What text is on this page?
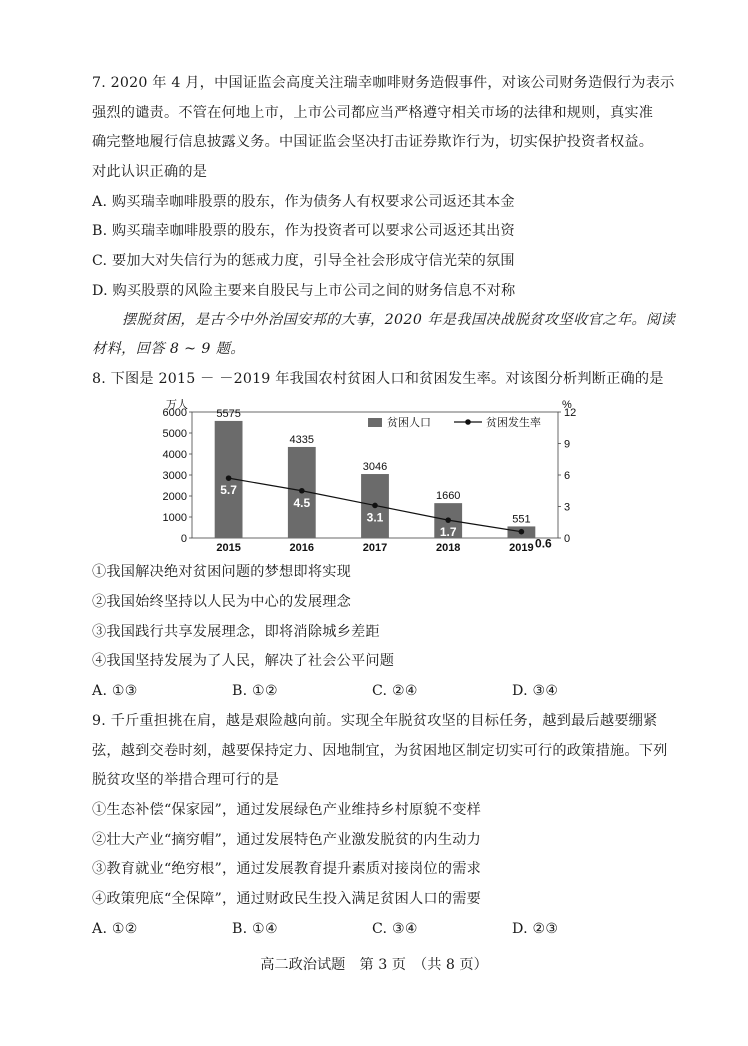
7. 2020 年 4 月，中国证监会高度关注瑞幸咖啡财务造假事件，对该公司财务造假行为表示
强烈的谴责。不管在何地上市，上市公司都应当严格遵守相关市场的法律和规则，真实准
确完整地履行信息披露义务。中国证监会坚决打击证券欺诈行为，切实保护投资者权益。
对此认识正确的是
A. 购买瑞幸咖啡股票的股东，作为债务人有权要求公司返还其本金
B. 购买瑞幸咖啡股票的股东，作为投资者可以要求公司返还其出资
C. 要加大对失信行为的惩戒力度，引导全社会形成守信光荣的氛围
D. 购买股票的风险主要来自股民与上市公司之间的财务信息不对称
摆脱贫困，是古今中外治国安邦的大事，2020 年是我国决战脱贫攻坚收官之年。阅读
材料，回答 8 ~ 9 题。
8. 下图是 2015 － －2019 年我国农村贫困人口和贫困发生率。对该图分析判断正确的是
0
1000
2000
3000
4000
5000
6000
0
3
6
9
12
万人	%
5575
2015
4335
2016
3046
2017
1660
2018
551
2019
5.7
4.5
3.1
1.7
0.6
贫困人口	贫困发生率
①我国解决绝对贫困问题的梦想即将实现
②我国始终坚持以人民为中心的发展理念
③我国践行共享发展理念，即将消除城乡差距
④我国坚持发展为了人民，解决了社会公平问题
A. ①③	B. ①②	C. ②④	D. ③④
9. 千斤重担挑在肩，越是艰险越向前。实现全年脱贫攻坚的目标任务，越到最后越要绷紧
弦，越到交卷时刻，越要保持定力、因地制宜，为贫困地区制定切实可行的政策措施。下列
脱贫攻坚的举措合理可行的是
①生态补偿“保家园”，通过发展绿色产业维持乡村原貌不变样
②壮大产业“摘穷帽”，通过发展特色产业激发脱贫的内生动力
③教育就业“绝穷根”，通过发展教育提升素质对接岗位的需求
④政策兜底“全保障”，通过财政民生投入满足贫困人口的需要
A. ①②	B. ①④	C. ③④	D. ②③
高二政治试题　第 3 页　（共 8 页）
